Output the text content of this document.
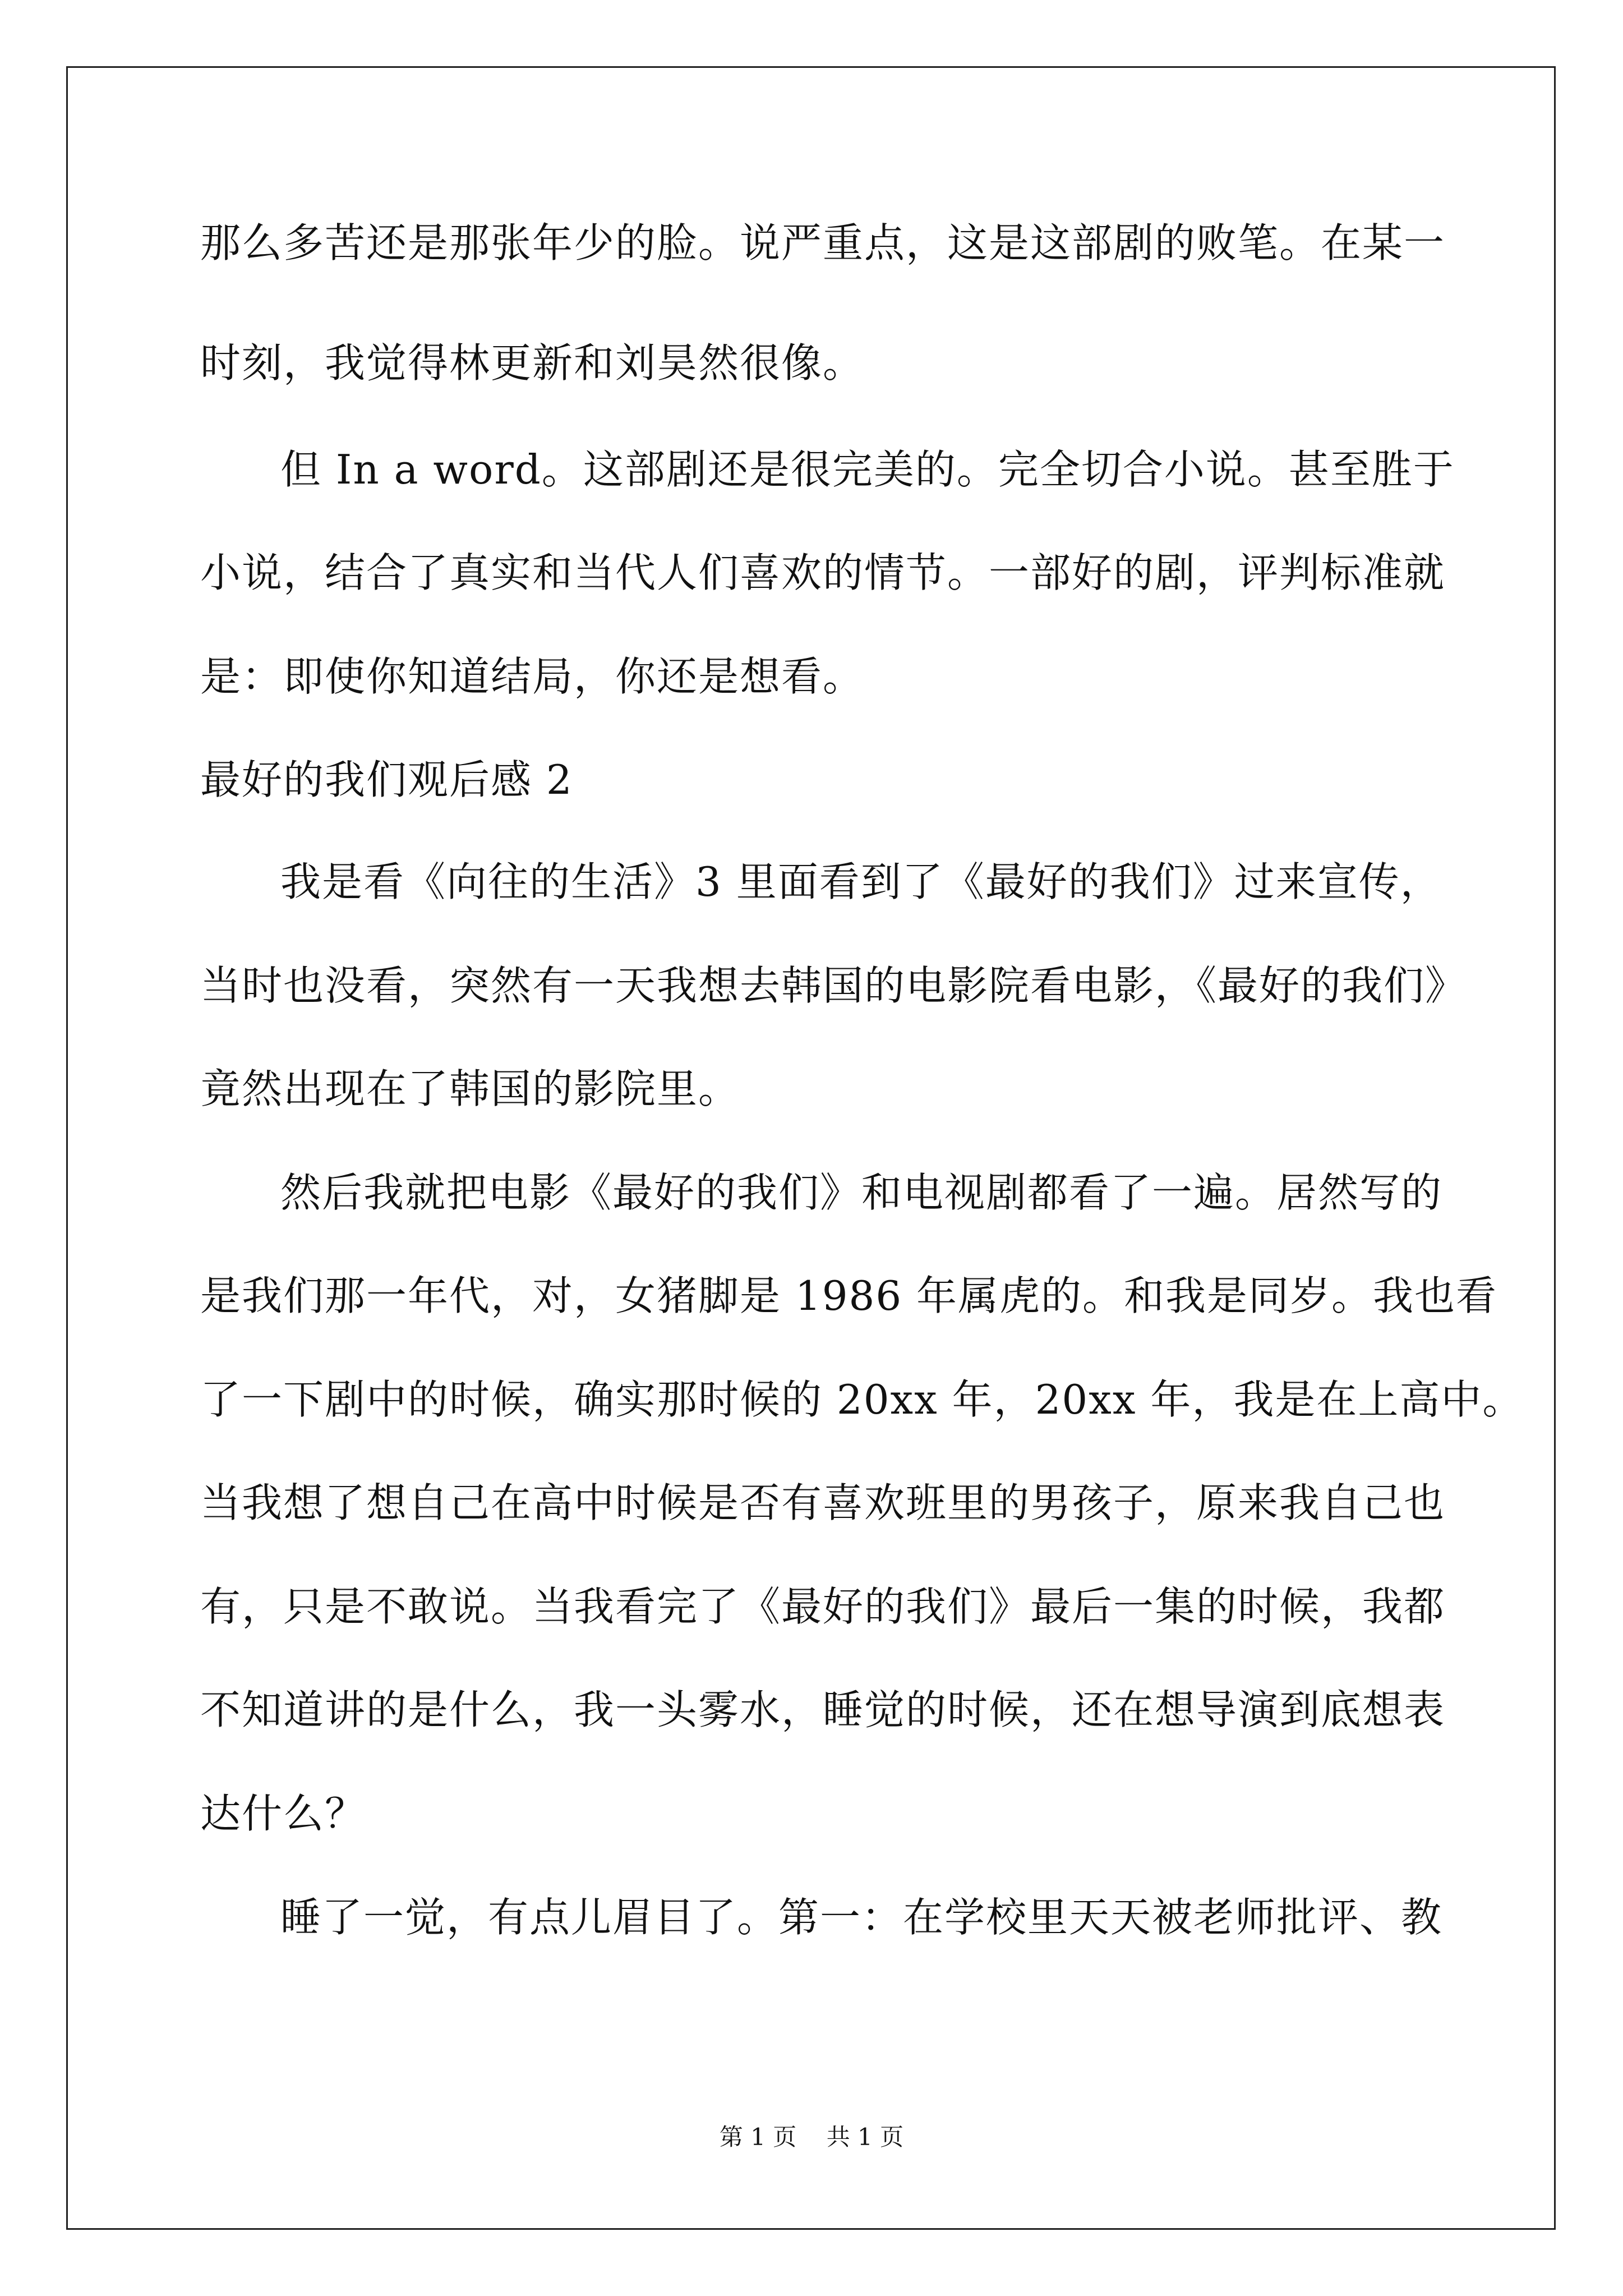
那么多苦还是那张年少的脸。说严重点，这是这部剧的败笔。在某一
时刻，我觉得林更新和刘昊然很像。
但 In a word。这部剧还是很完美的。完全切合小说。甚至胜于
小说，结合了真实和当代人们喜欢的情节。一部好的剧，评判标准就
是：即使你知道结局，你还是想看。
最好的我们观后感 2
我是看《向往的生活》3 里面看到了《最好的我们》过来宣传，
当时也没看，突然有一天我想去韩国的电影院看电影，《最好的我们》
竟然出现在了韩国的影院里。
然后我就把电影《最好的我们》和电视剧都看了一遍。居然写的
是我们那一年代，对，女猪脚是 1986 年属虎的。和我是同岁。我也看
了一下剧中的时候，确实那时候的 20xx 年，20xx 年，我是在上高中。
当我想了想自己在高中时候是否有喜欢班里的男孩子，原来我自己也
有，只是不敢说。当我看完了《最好的我们》最后一集的时候，我都
不知道讲的是什么，我一头雾水，睡觉的时候，还在想导演到底想表
达什么？
睡了一觉，有点儿眉目了。第一：在学校里天天被老师批评、教
第 1 页    共 1 页
